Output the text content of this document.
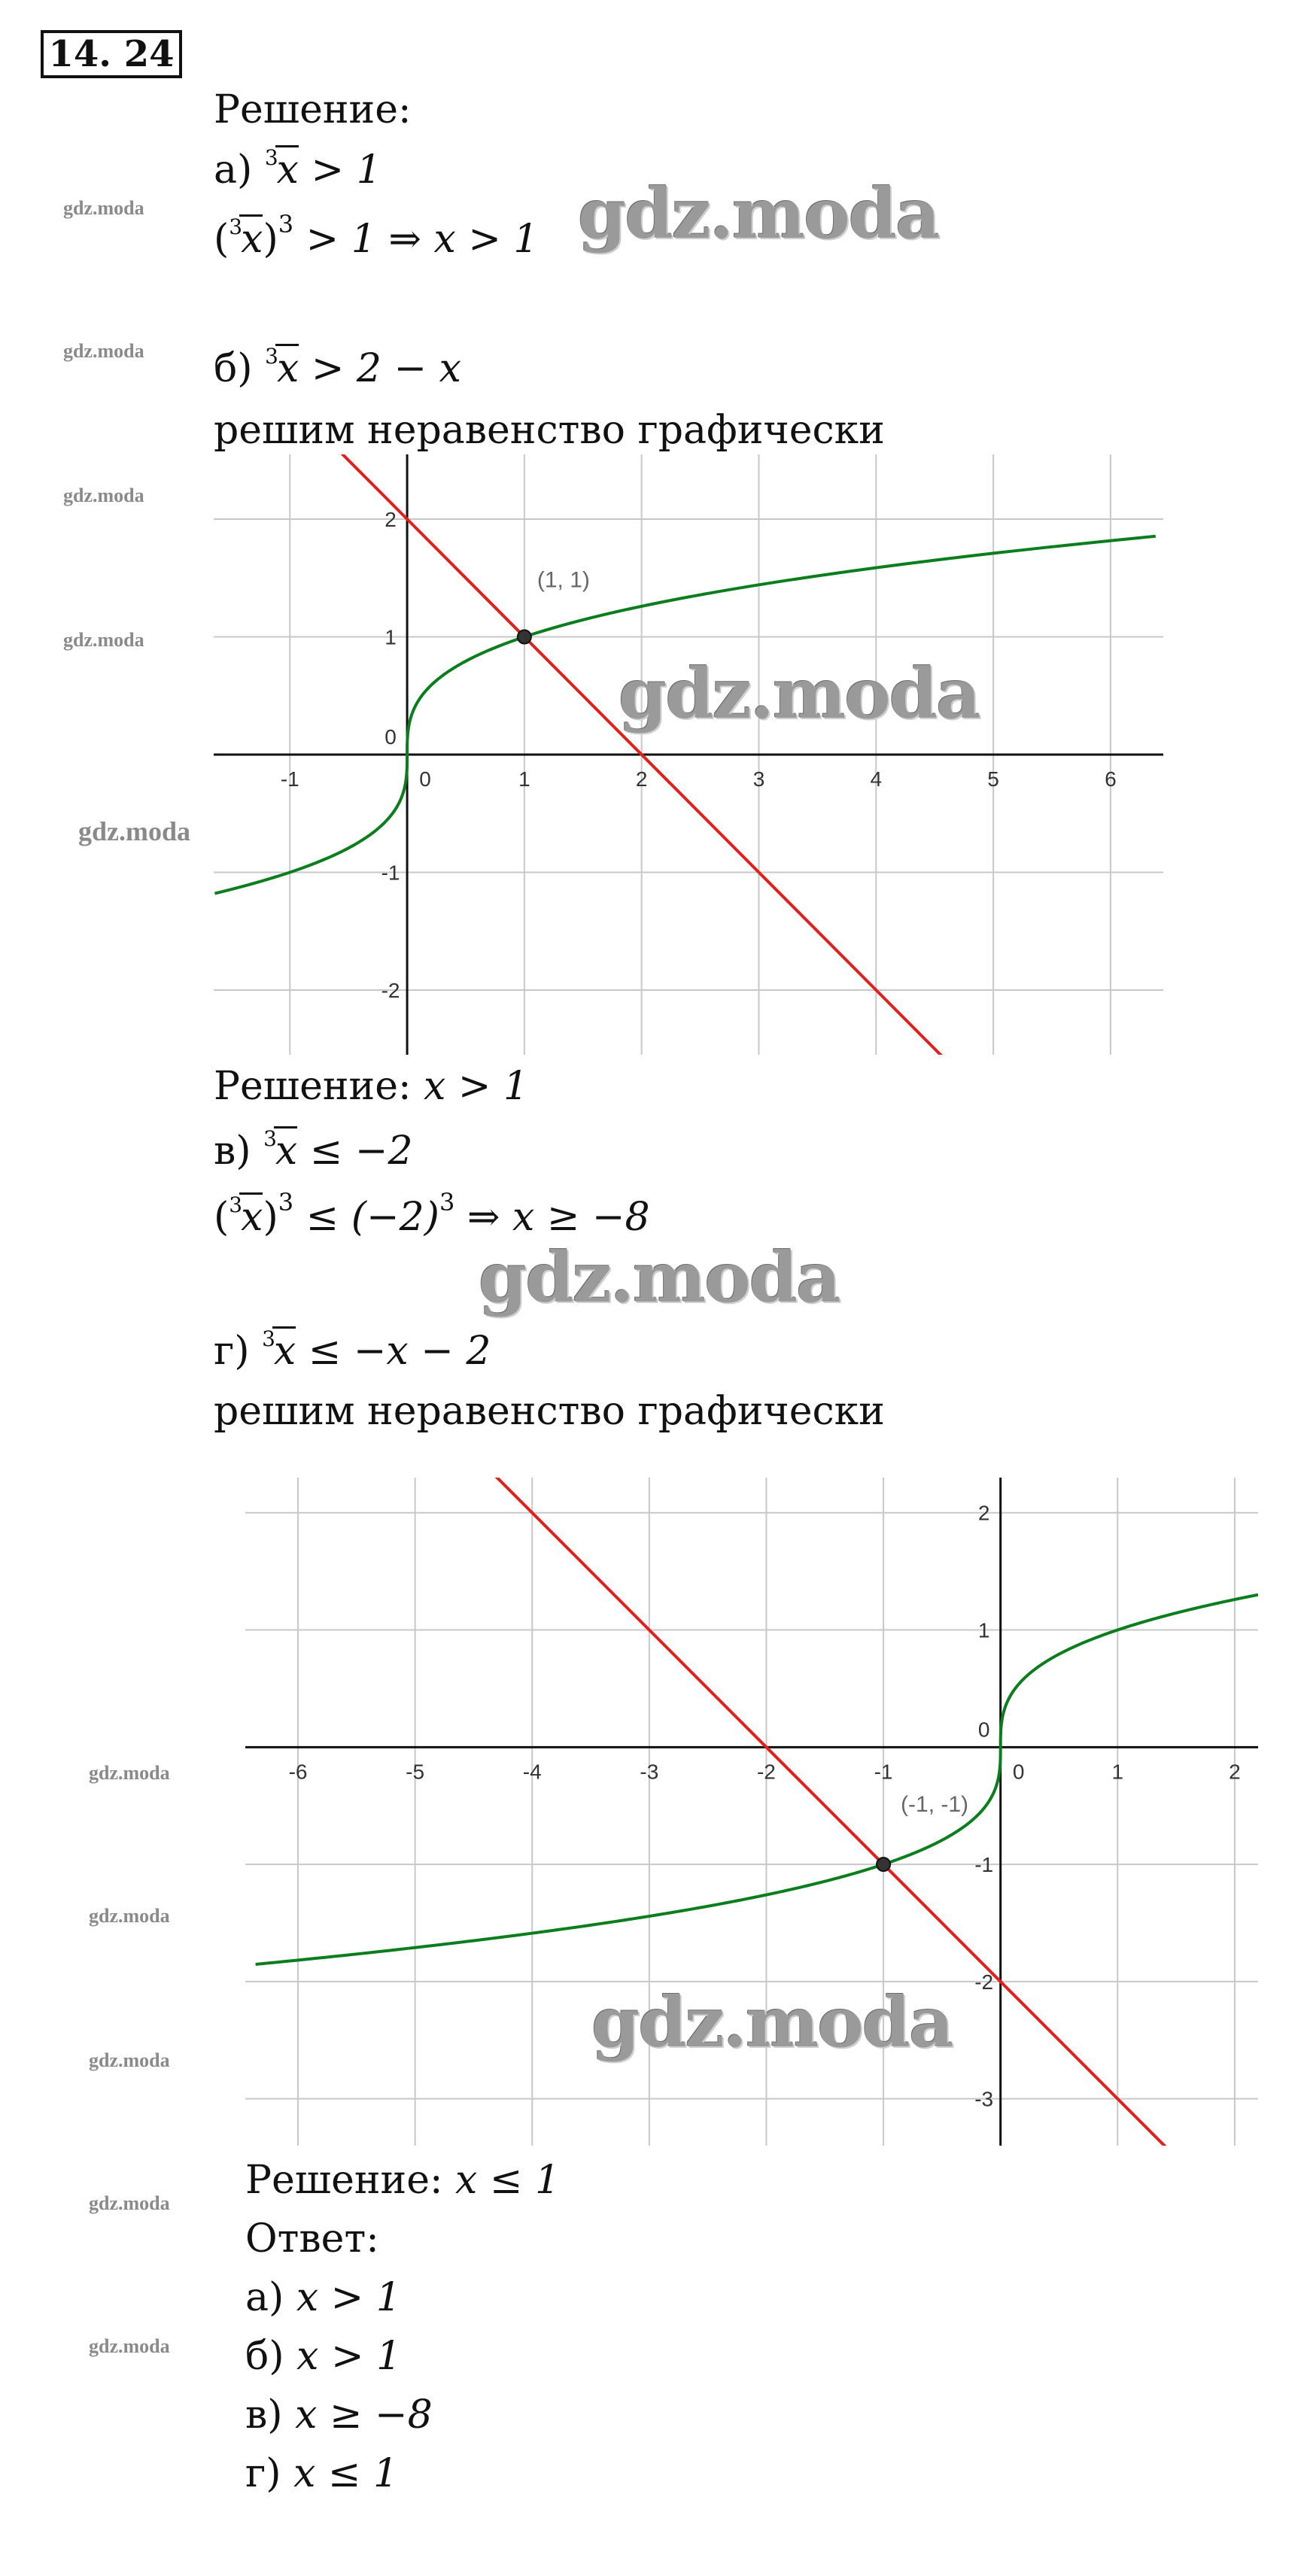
14. 24
Решение:
а) $^3$x > 1
$(^3x)^3 > 1$ ⇒ x > 1
б) $^3$x > 2 − x
решим неравенство графически
-1	0	1	2	3	4	5	6
-2
-1
0
1
2
(1, 1)
Решение: x > 1
в) $^3$x ≤ −2
$(^3x)^3 \le (-2)^3$ ⇒ x ≥ −8
г) $^3$x ≤ −x − 2
решим неравенство графически
-6	-5	-4	-3	-2	-1	0	1	2
-3
-2
-1
0
1
2
(-1, -1)
Решение: x ≤ 1
Ответ:
а) x > 1
б) x > 1
в) x ≥ −8
г) x ≤ 1
gdz.moda
gdz.moda
gdz.moda
gdz.moda
gdz.moda
gdz.moda
gdz.moda
gdz.moda
gdz.moda
gdz.moda
gdz.moda
gdz.moda
gdz.moda
gdz.moda
